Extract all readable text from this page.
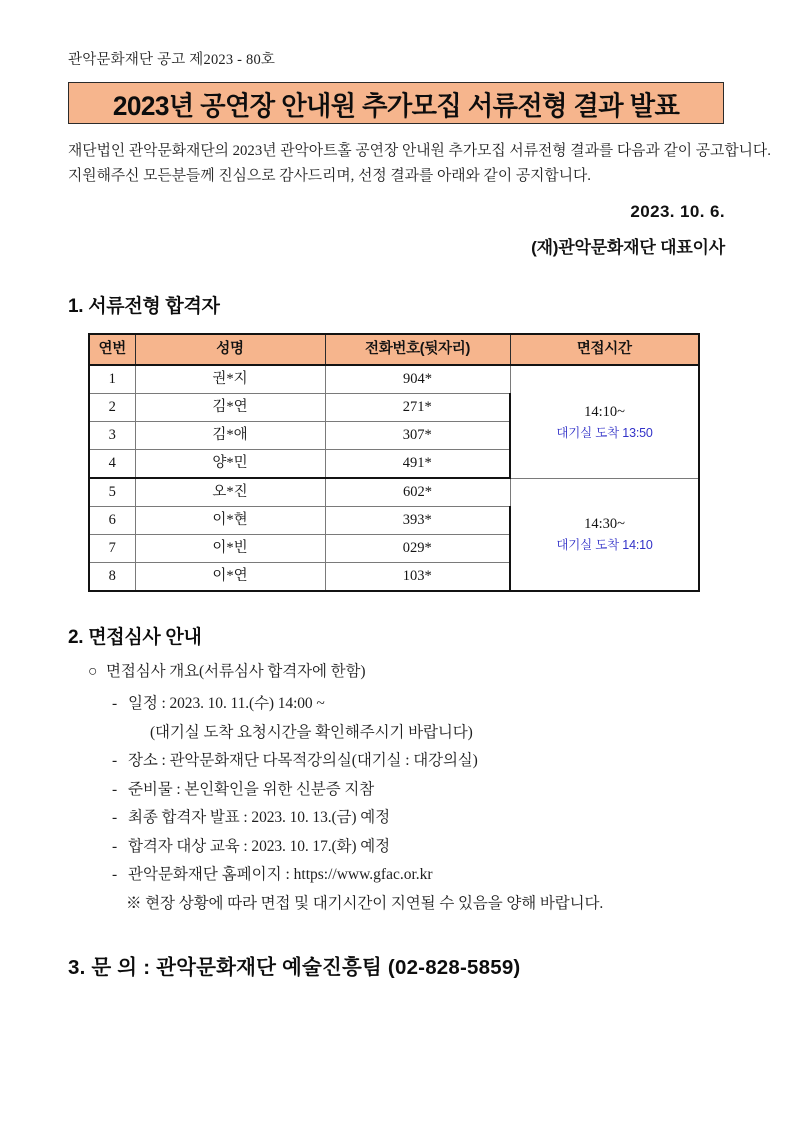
관악문화재단 공고 제2023 - 80호
2023년 공연장 안내원 추가모집 서류전형 결과 발표
재단법인 관악문화재단의 2023년 관악아트홀 공연장 안내원 추가모집 서류전형 결과를 다음과 같이 공고합니다.
지원해주신 모든분들께 진심으로 감사드리며, 선정 결과를 아래와 같이 공지합니다.
2023. 10. 6.
(재)관악문화재단 대표이사
1. 서류전형 합격자
연번	성명	전화번호(뒷자리)	면접시간
1	권*지	904*	14:10~
대기실 도착 13:50

2	김*연	271*	
3	김*애	307*	
4	양*민	491*	
5	오*진	602*	14:30~
대기실 도착 14:10

6	이*현	393*	
7	이*빈	029*	
8	이*연	103*	
2. 면접심사 안내
○ 면접심사 개요(서류심사 합격자에 한함)
- 일정 : 2023. 10. 11.(수) 14:00 ~
(대기실 도착 요청시간을 확인해주시기 바랍니다)
- 장소 : 관악문화재단 다목적강의실(대기실 : 대강의실)
- 준비물 : 본인확인을 위한 신분증 지참
- 최종 합격자 발표 : 2023. 10. 13.(금) 예정
- 합격자 대상 교육 : 2023. 10. 17.(화) 예정
- 관악문화재단 홈페이지 : https://www.gfac.or.kr
※ 현장 상황에 따라 면접 및 대기시간이 지연될 수 있음을 양해 바랍니다.
3. 문 의 : 관악문화재단 예술진흥팀 (02-828-5859)
